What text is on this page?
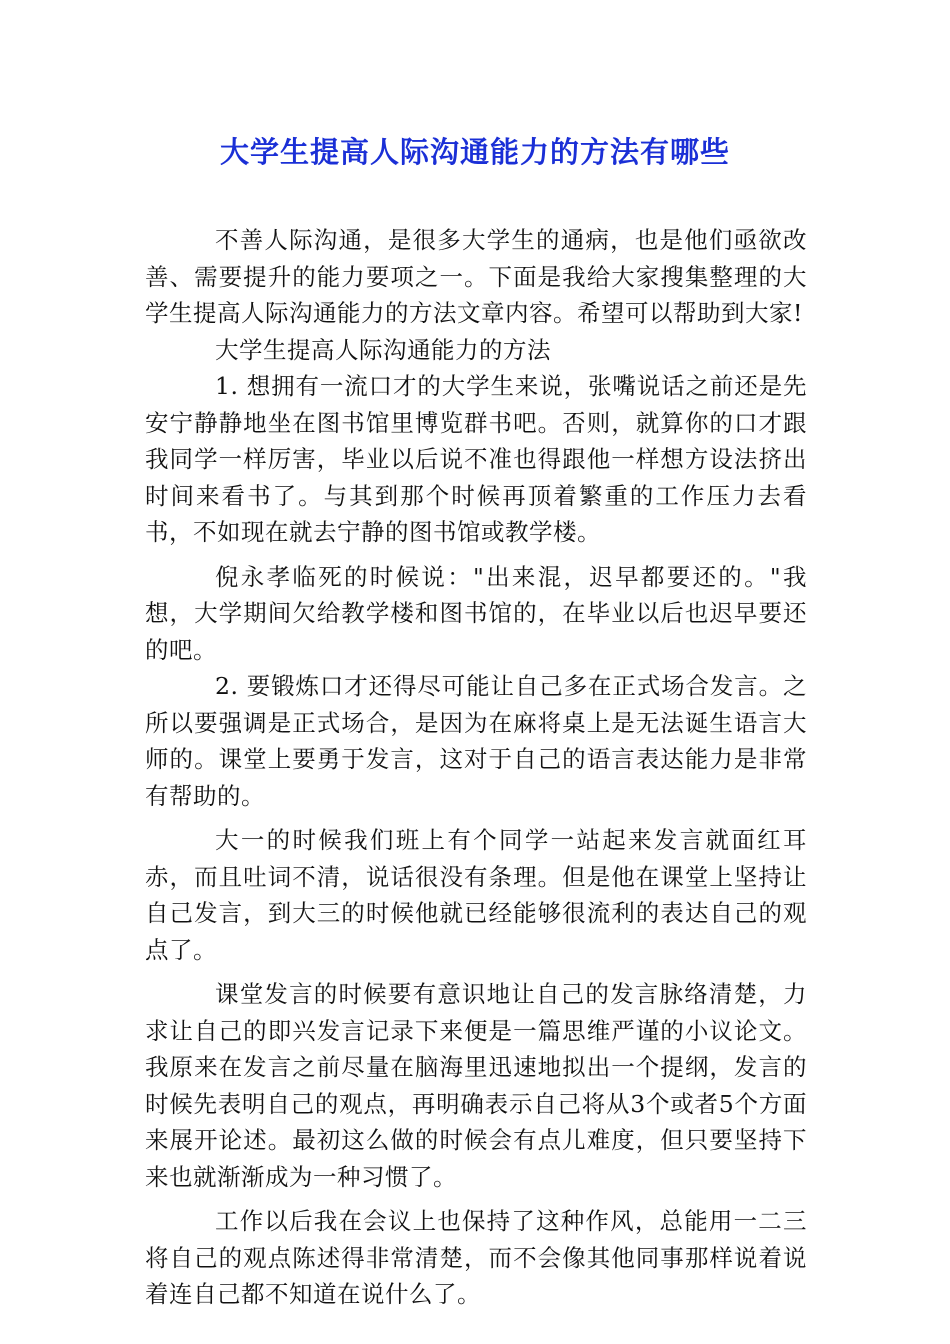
大学生提高人际沟通能力的方法有哪些

不善人际沟通，是很多大学生的通病，也是他们亟欲改善、需要提升的能力要项之一。下面是我给大家搜集整理的大学生提高人际沟通能力的方法文章内容。希望可以帮助到大家!

大学生提高人际沟通能力的方法

1. 想拥有一流口才的大学生来说，张嘴说话之前还是先安宁静静地坐在图书馆里博览群书吧。否则，就算你的口才跟我同学一样厉害，毕业以后说不准也得跟他一样想方设法挤出时间来看书了。与其到那个时候再顶着繁重的工作压力去看书，不如现在就去宁静的图书馆或教学楼。

倪永孝临死的时候说："出来混，迟早都要还的。"我想，大学期间欠给教学楼和图书馆的，在毕业以后也迟早要还的吧。

2. 要锻炼口才还得尽可能让自己多在正式场合发言。之所以要强调是正式场合，是因为在麻将桌上是无法诞生语言大师的。课堂上要勇于发言，这对于自己的语言表达能力是非常有帮助的。

大一的时候我们班上有个同学一站起来发言就面红耳赤，而且吐词不清，说话很没有条理。但是他在课堂上坚持让自己发言，到大三的时候他就已经能够很流利的表达自己的观点了。

课堂发言的时候要有意识地让自己的发言脉络清楚，力求让自己的即兴发言记录下来便是一篇思维严谨的小议论文。我原来在发言之前尽量在脑海里迅速地拟出一个提纲，发言的时候先表明自己的观点，再明确表示自己将从3个或者5个方面来展开论述。最初这么做的时候会有点儿难度，但只要坚持下来也就渐渐成为一种习惯了。

工作以后我在会议上也保持了这种作风，总能用一二三将自己的观点陈述得非常清楚，而不会像其他同事那样说着说着连自己都不知道在说什么了。
